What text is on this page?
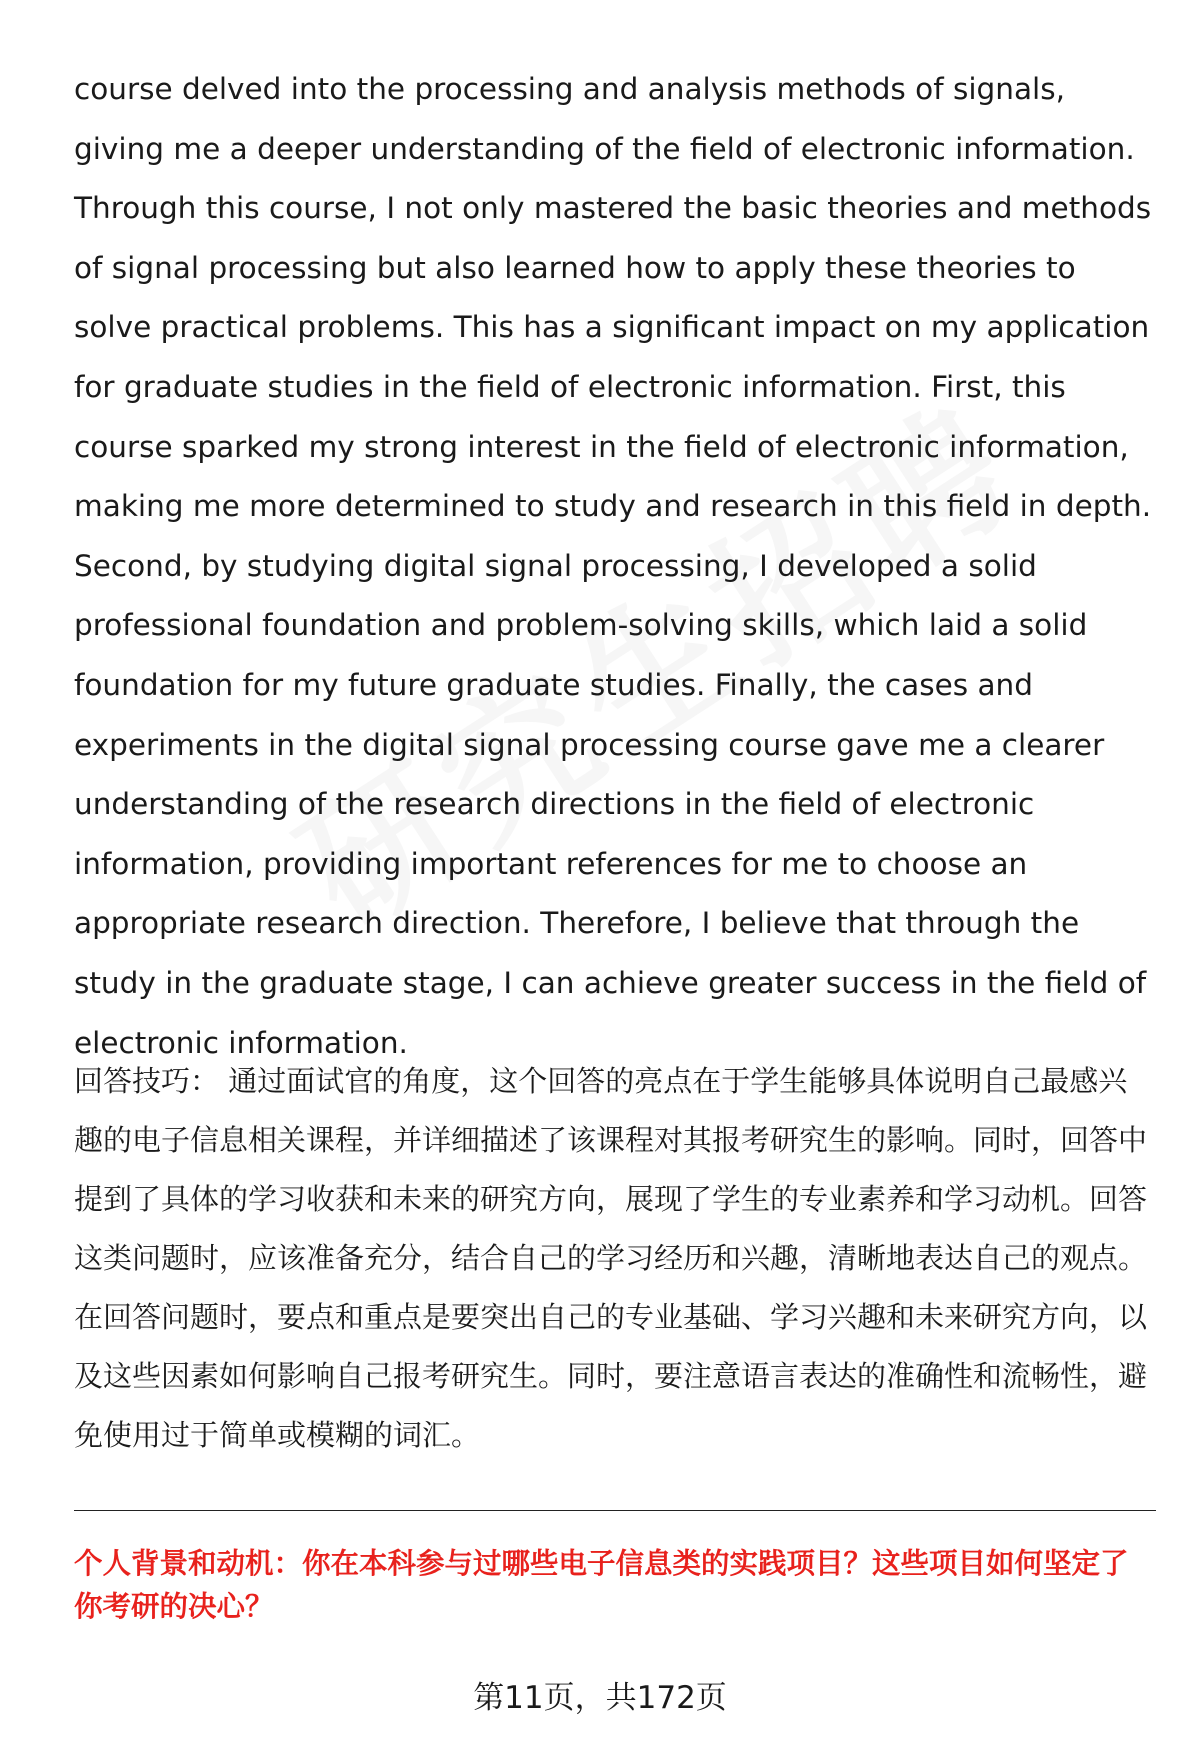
course delved into the processing and analysis methods of signals, giving me a deeper understanding of the field of electronic information. Through this course, I not only mastered the basic theories and methods of signal processing but also learned how to apply these theories to solve practical problems. This has a significant impact on my application for graduate studies in the field of electronic information. First, this course sparked my strong interest in the field of electronic information, making me more determined to study and research in this field in depth. Second, by studying digital signal processing, I developed a solid professional foundation and problem-solving skills, which laid a solid foundation for my future graduate studies. Finally, the cases and experiments in the digital signal processing course gave me a clearer understanding of the research directions in the field of electronic information, providing important references for me to choose an appropriate research direction. Therefore, I believe that through the study in the graduate stage, I can achieve greater success in the field of electronic information.

回答技巧： 通过面试官的角度，这个回答的亮点在于学生能够具体说明自己最感兴趣的电子信息相关课程，并详细描述了该课程对其报考研究生的影响。同时，回答中提到了具体的学习收获和未来的研究方向，展现了学生的专业素养和学习动机。回答这类问题时，应该准备充分，结合自己的学习经历和兴趣，清晰地表达自己的观点。在回答问题时，要点和重点是要突出自己的专业基础、学习兴趣和未来研究方向，以及这些因素如何影响自己报考研究生。同时，要注意语言表达的准确性和流畅性，避免使用过于简单或模糊的词汇。

个人背景和动机：你在本科参与过哪些电子信息类的实践项目？这些项目如何坚定了你考研的决心？

第11页，共172页
